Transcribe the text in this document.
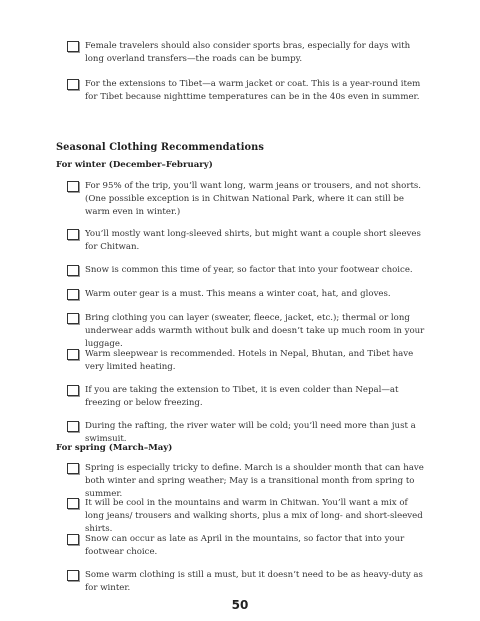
Female travelers should also consider sports bras, especially for days with long overland transfers—the roads can be bumpy.
For the extensions to Tibet—a warm jacket or coat. This is a year-round item for Tibet because nighttime temperatures can be in the 40s even in summer.
Seasonal Clothing Recommendations
For winter (December–February)
For 95% of the trip, you’ll want long, warm jeans or trousers, and not shorts. (One possible exception is in Chitwan National Park, where it can still be warm even in winter.)
You’ll mostly want long-sleeved shirts, but might want a couple short sleeves for Chitwan.
Snow is common this time of year, so factor that into your footwear choice.
Warm outer gear is a must. This means a winter coat, hat, and gloves.
Bring clothing you can layer (sweater, fleece, jacket, etc.); thermal or long underwear adds warmth without bulk and doesn’t take up much room in your luggage.
Warm sleepwear is recommended. Hotels in Nepal, Bhutan, and Tibet have very limited heating.
If you are taking the extension to Tibet, it is even colder than Nepal—at freezing or below freezing.
During the rafting, the river water will be cold; you’ll need more than just a swimsuit.
For spring (March–May)
Spring is especially tricky to define. March is a shoulder month that can have both winter and spring weather; May is a transitional month from spring to summer.
It will be cool in the mountains and warm in Chitwan. You’ll want a mix of long jeans/ trousers and walking shorts, plus a mix of long- and short-sleeved shirts.
Snow can occur as late as April in the mountains, so factor that into your footwear choice.
Some warm clothing is still a must, but it doesn’t need to be as heavy-duty as for winter.
50
